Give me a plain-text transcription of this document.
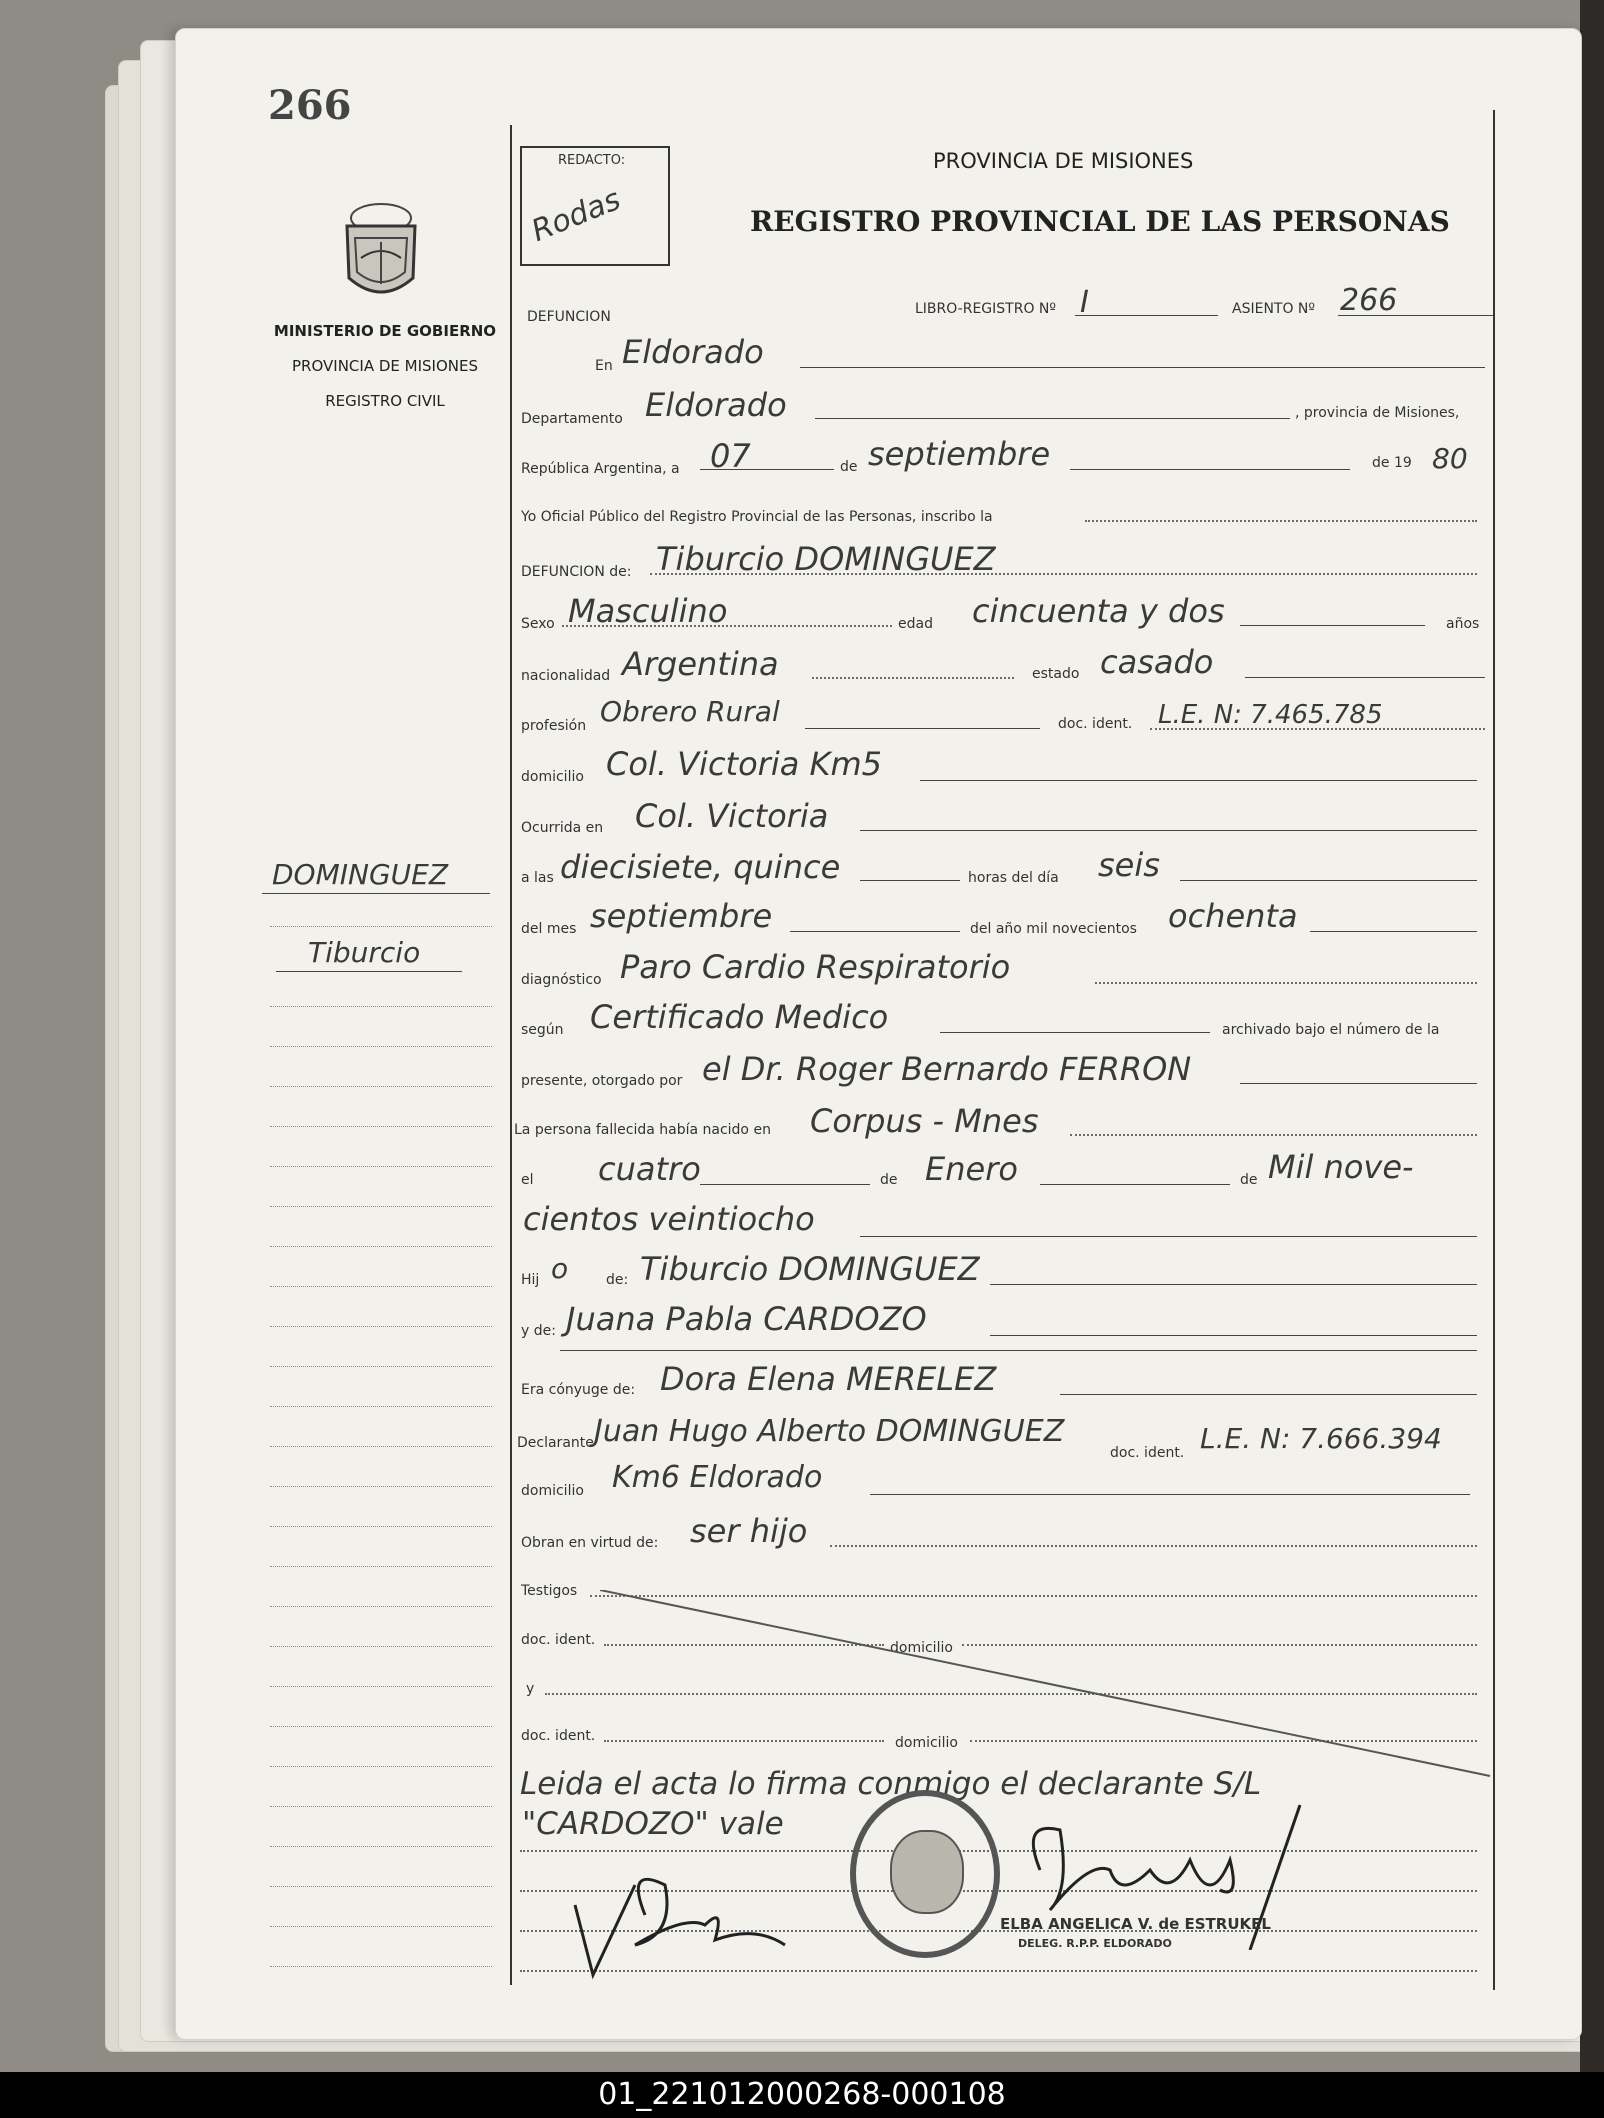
266
MINISTERIO DE GOBIERNO
PROVINCIA DE MISIONES
REGISTRO CIVIL
DOMINGUEZ
Tiburcio
REDACTO:
Rodas
PROVINCIA DE MISIONES
REGISTRO PROVINCIAL DE LAS PERSONAS
DEFUNCION	LIBRO-REGISTRO Nº I	ASIENTO Nº 266
En Eldorado
Departamento Eldorado	, provincia de Misiones,
República Argentina, a 07	de septiembre	de 19 80
Yo Oficial Público del Registro Provincial de las Personas, inscribo la
DEFUNCION de: Tiburcio DOMINGUEZ
Sexo Masculino	edad cincuenta y dos	años
nacionalidad Argentina	estado casado
profesión Obrero Rural	doc. ident. L.E. N: 7.465.785
domicilio Col. Victoria Km5
Ocurrida en Col. Victoria
a las diecisiete, quince	horas del día seis
del mes septiembre	del año mil novecientos ochenta
diagnóstico Paro Cardio Respiratorio
según Certificado Medico	archivado bajo el número de la
presente, otorgado por el Dr. Roger Bernardo FERRON
La persona fallecida había nacido en Corpus - Mnes
el cuatro	de Enero	de Mil nove-
cientos veintiocho
Hij o	de: Tiburcio DOMINGUEZ
y de: Juana Pabla CARDOZO
Era cónyuge de: Dora Elena MERELEZ
Declarante Juan Hugo Alberto DOMINGUEZ
doc. ident. L.E. N: 7.666.394
domicilio Km6 Eldorado
Obran en virtud de: ser hijo
Testigos
doc. ident.	domicilio
y
doc. ident.	domicilio
Leida el acta lo firma conmigo el declarante S/L
"CARDOZO" vale
ELBA ANGELICA V. de ESTRUKEL
DELEG. R.P.P. ELDORADO
01_221012000268-000108
